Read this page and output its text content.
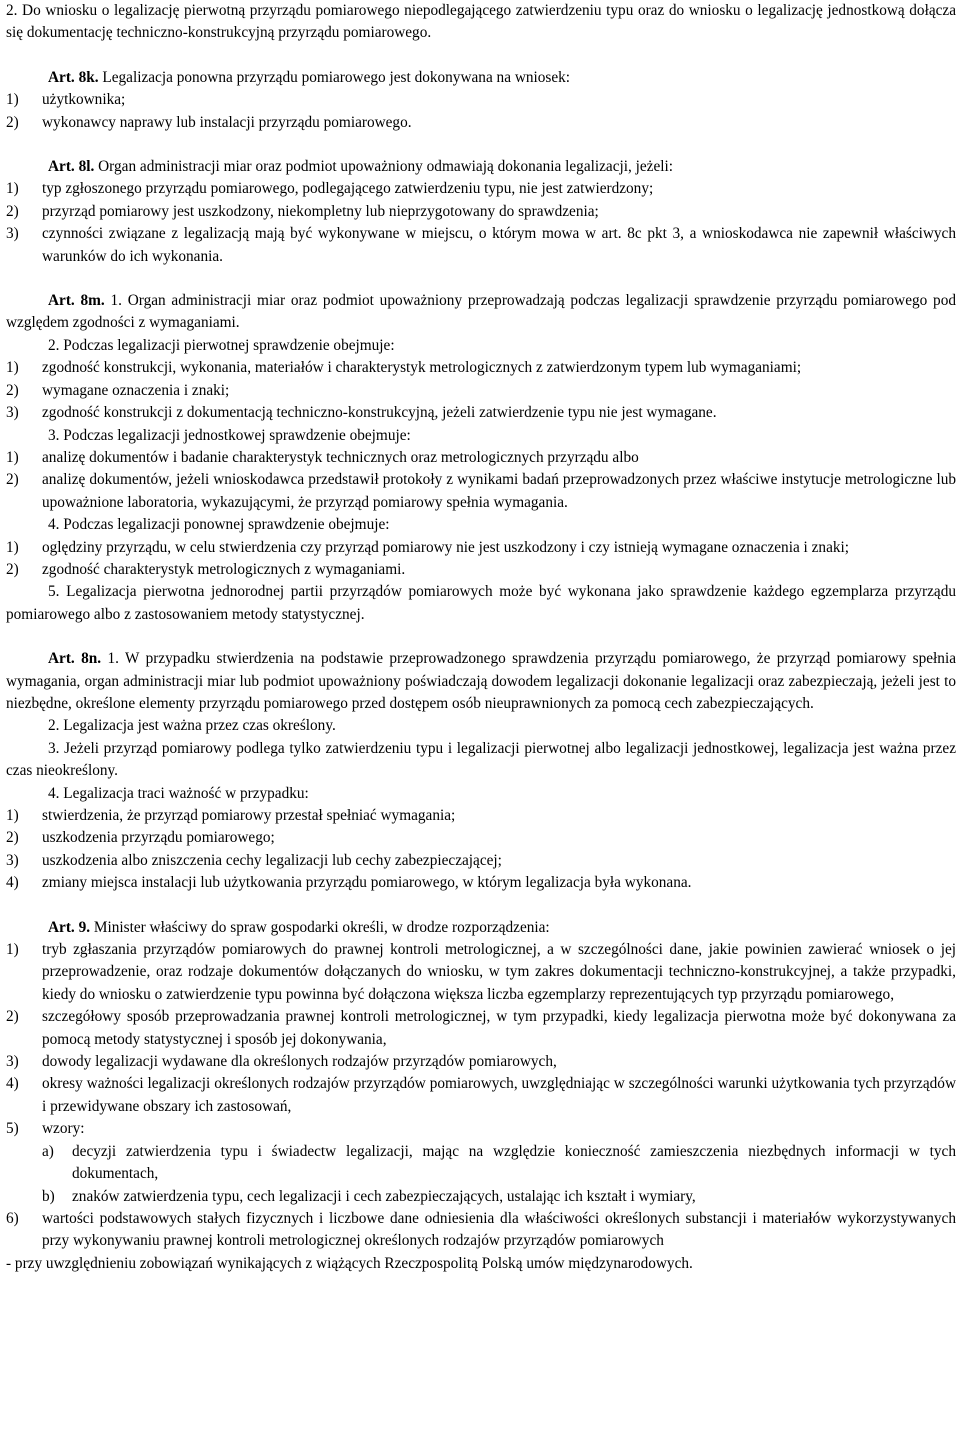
2. Do wniosku o legalizację pierwotną przyrządu pomiarowego niepodlegającego zatwierdzeniu typu oraz do wniosku o legalizację jednostkową dołącza się dokumentację techniczno-konstrukcyjną przyrządu pomiarowego.

Art. 8k. Legalizacja ponowna przyrządu pomiarowego jest dokonywana na wniosek:

1)	użytkownika;
2)	wykonawcy naprawy lub instalacji przyrządu pomiarowego.

Art. 8l. Organ administracji miar oraz podmiot upoważniony odmawiają dokonania legalizacji, jeżeli:

1)	typ zgłoszonego przyrządu pomiarowego, podlegającego zatwierdzeniu typu, nie jest zatwierdzony;
2)	przyrząd pomiarowy jest uszkodzony, niekompletny lub nieprzygotowany do sprawdzenia;
3)	czynności związane z legalizacją mają być wykonywane w miejscu, o którym mowa w art. 8c pkt 3, a wnioskodawca nie zapewnił właściwych warunków do ich wykonania.

Art. 8m. 1. Organ administracji miar oraz podmiot upoważniony przeprowadzają podczas legalizacji sprawdzenie przyrządu pomiarowego pod względem zgodności z wymaganiami.

2. Podczas legalizacji pierwotnej sprawdzenie obejmuje:

1)	zgodność konstrukcji, wykonania, materiałów i charakterystyk metrologicznych z zatwierdzonym typem lub wymaganiami;
2)	wymagane oznaczenia i znaki;
3)	zgodność konstrukcji z dokumentacją techniczno-konstrukcyjną, jeżeli zatwierdzenie typu nie jest wymagane.

3. Podczas legalizacji jednostkowej sprawdzenie obejmuje:

1)	analizę dokumentów i badanie charakterystyk technicznych oraz metrologicznych przyrządu albo
2)	analizę dokumentów, jeżeli wnioskodawca przedstawił protokoły z wynikami badań przeprowadzonych przez właściwe instytucje metrologiczne lub upoważnione laboratoria, wykazującymi, że przyrząd pomiarowy spełnia wymagania.

4. Podczas legalizacji ponownej sprawdzenie obejmuje:

1)	oględziny przyrządu, w celu stwierdzenia czy przyrząd pomiarowy nie jest uszkodzony i czy istnieją wymagane oznaczenia i znaki;
2)	zgodność charakterystyk metrologicznych z wymaganiami.

5. Legalizacja pierwotna jednorodnej partii przyrządów pomiarowych może być wykonana jako sprawdzenie każdego egzemplarza przyrządu pomiarowego albo z zastosowaniem metody statystycznej.

Art. 8n. 1. W przypadku stwierdzenia na podstawie przeprowadzonego sprawdzenia przyrządu pomiarowego, że przyrząd pomiarowy spełnia wymagania, organ administracji miar lub podmiot upoważniony poświadczają dowodem legalizacji dokonanie legalizacji oraz zabezpieczają, jeżeli jest to niezbędne, określone elementy przyrządu pomiarowego przed dostępem osób nieuprawnionych za pomocą cech zabezpieczających.

2. Legalizacja jest ważna przez czas określony.

3. Jeżeli przyrząd pomiarowy podlega tylko zatwierdzeniu typu i legalizacji pierwotnej albo legalizacji jednostkowej, legalizacja jest ważna przez czas nieokreślony.

4. Legalizacja traci ważność w przypadku:

1)	stwierdzenia, że przyrząd pomiarowy przestał spełniać wymagania;
2)	uszkodzenia przyrządu pomiarowego;
3)	uszkodzenia albo zniszczenia cechy legalizacji lub cechy zabezpieczającej;
4)	zmiany miejsca instalacji lub użytkowania przyrządu pomiarowego, w którym legalizacja była wykonana.

Art. 9. Minister właściwy do spraw gospodarki określi, w drodze rozporządzenia:

1)	tryb zgłaszania przyrządów pomiarowych do prawnej kontroli metrologicznej, a w szczególności dane, jakie powinien zawierać wniosek o jej przeprowadzenie, oraz rodzaje dokumentów dołączanych do wniosku, w tym zakres dokumentacji techniczno-konstrukcyjnej, a także przypadki, kiedy do wniosku o zatwierdzenie typu powinna być dołączona większa liczba egzemplarzy reprezentujących typ przyrządu pomiarowego,
2)	szczegółowy sposób przeprowadzania prawnej kontroli metrologicznej, w tym przypadki, kiedy legalizacja pierwotna może być dokonywana za pomocą metody statystycznej i sposób jej dokonywania,
3)	dowody legalizacji wydawane dla określonych rodzajów przyrządów pomiarowych,
4)	okresy ważności legalizacji określonych rodzajów przyrządów pomiarowych, uwzględniając w szczególności warunki użytkowania tych przyrządów i przewidywane obszary ich zastosowań,
5)	wzory:
a)	decyzji zatwierdzenia typu i świadectw legalizacji, mając na względzie konieczność zamieszczenia niezbędnych informacji w tych dokumentach,
b)	znaków zatwierdzenia typu, cech legalizacji i cech zabezpieczających, ustalając ich kształt i wymiary,
6)	wartości podstawowych stałych fizycznych i liczbowe dane odniesienia dla właściwości określonych substancji i materiałów wykorzystywanych przy wykonywaniu prawnej kontroli metrologicznej określonych rodzajów przyrządów pomiarowych

- przy uwzględnieniu zobowiązań wynikających z wiążących Rzeczpospolitą Polską umów międzynarodowych.
